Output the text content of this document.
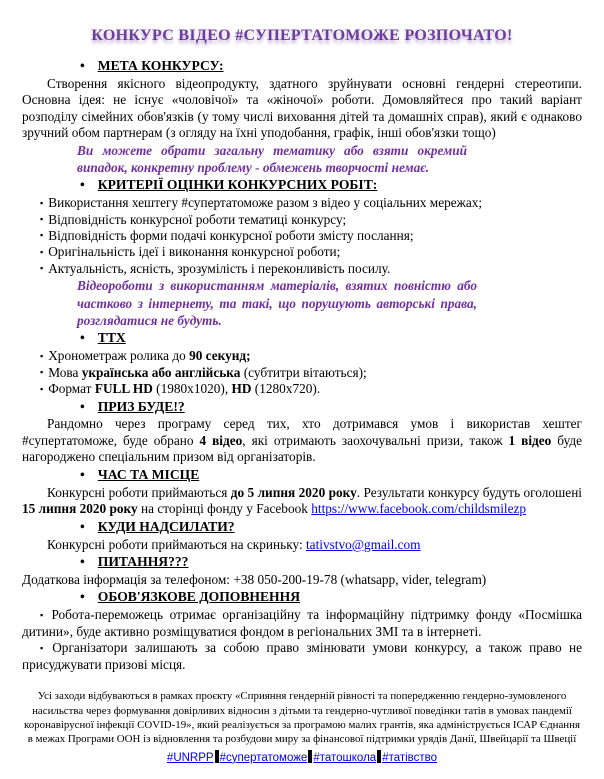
КОНКУРС ВІДЕО #СУПЕРТАТОМОЖЕ РОЗПОЧАТО!
• МЕТА КОНКУРСУ:

Створення якісного відеопродукту, здатного зруйнувати основні гендерні стереотипи. Основна ідея: не існує «чоловічої» та «жіночої» роботи. Домовляйтеся про такий варіант розподілу сімейних обов'язків (у тому числі виховання дітей та домашніх справ), який є однаково зручний обом партнерам (з огляду на їхні уподобання, графік, інші обов'язки тощо)

Ви можете обрати загальну тематику або взяти окремий випадок, конкретну проблему - обмежень творчості немає.
• КРИТЕРІЇ ОЦІНКИ КОНКУРСНИХ РОБІТ:

▪ Використання хештегу #супертатоможе разом з відео у соціальних мережах;

▪ Відповідність конкурсної роботи тематиці конкурсу;

▪ Відповідність форми подачі конкурсної роботи змісту послання;

▪ Оригінальність ідеї і виконання конкурсної роботи;

▪ Актуальність, ясність, зрозумілість і переконливість посилу.

Відеороботи з використанням матеріалів, взятих повністю або частково з інтернету, та такі, що порушують авторські права, розглядатися не будуть.
• ТТХ

▪ Хронометраж ролика до 90 секунд;

▪ Мова українська або англійська (субтитри вітаються);

▪ Формат FULL HD (1980x1020), HD (1280x720).

• ПРИЗ БУДЕ!?

Рандомно через програму серед тих, хто дотримався умов і використав хештег #супертатоможе, буде обрано 4 відео, які отримають заохочувальні призи, також 1 відео буде нагороджено спеціальним призом від організаторів.

• ЧАС ТА МІСЦЕ

Конкурсні роботи приймаються до 5 липня 2020 року. Результати конкурсу будуть оголошені 15 липня 2020 року на сторінці фонду у Facebook https://www.facebook.com/childsmilezp

• КУДИ НАДСИЛАТИ?

Конкурсні роботи приймаються на скриньку: tativstvo@gmail.com

• ПИТАННЯ???

Додаткова інформація за телефоном: +38 050-200-19-78 (whatsapp, vider, telegram)

• ОБОВ'ЯЗКОВЕ ДОПОВНЕННЯ

▪ Робота-переможець отримає організаційну та інформаційну підтримку фонду «Посмішка дитини», буде активно розміщуватися фондом в регіональних ЗМІ та в інтернеті.

▪ Організатори залишають за собою право змінювати умови конкурсу, а також право не присуджувати призові місця.

Усі заходи відбуваються в рамках проєкту «Сприяння гендерній рівності та попередженню гендерно-зумовленого насильства через формування довірливих відносин з дітьми та гендерно-чутливої поведінки татів в умовах пандемії коронавірусної інфекції COVID-19», який реалізується за програмою малих грантів, яка адмініструється ІСАР Єднання в межах Програми ООН із відновлення та розбудови миру за фінансової підтримки урядів Данії, Швейцарії та Швеції
#UNRPP #супертатоможе #татошкола #татівство
